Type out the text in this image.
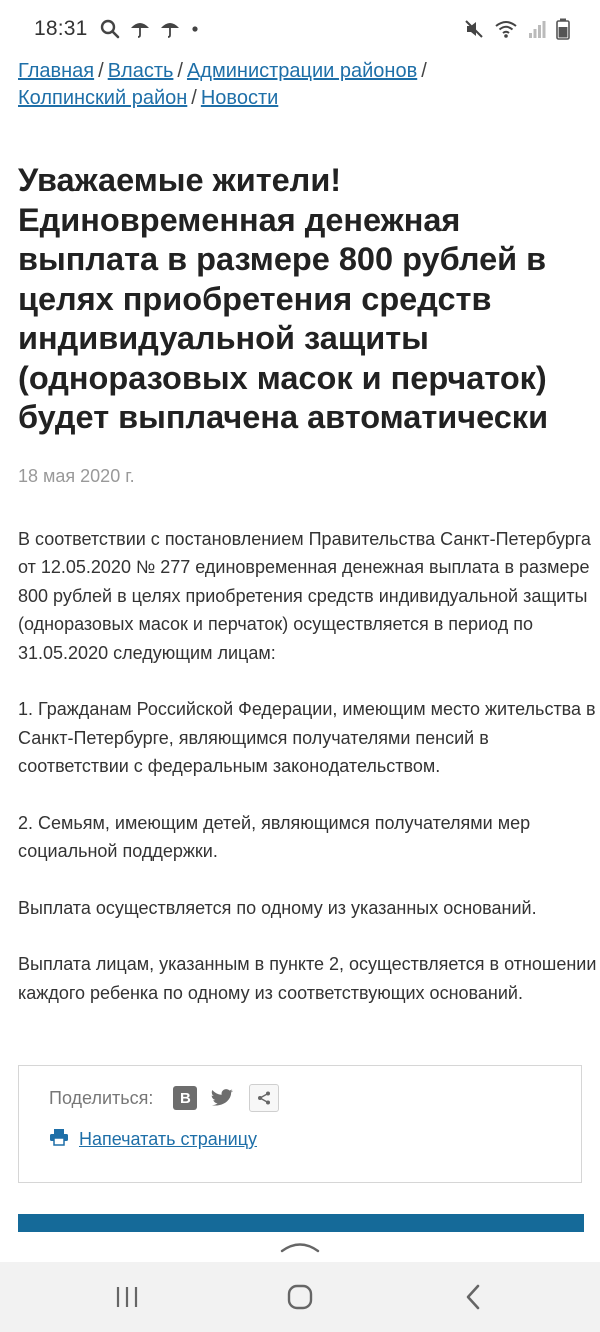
18:31
Главная / Власть / Администрации районов /
Колпинский район / Новости
Уважаемые жители! Единовременная денежная выплата в размере 800 рублей в целях приобретения средств индивидуальной защиты (одноразовых масок и перчаток) будет выплачена автоматически
18 мая 2020 г.

В соответствии с постановлением Правительства Санкт-Петербурга от 12.05.2020 № 277 единовременная денежная выплата в размере 800 рублей в целях приобретения средств индивидуальной защиты (одноразовых масок и перчаток) осуществляется в период по 31.05.2020 следующим лицам:

1. Гражданам Российской Федерации, имеющим место жительства в Санкт-Петербурге, являющимся получателями пенсий в соответствии с федеральным законодательством.

2. Семьям, имеющим детей, являющимся получателями мер социальной поддержки.

Выплата осуществляется по одному из указанных оснований.

Выплата лицам, указанным в пункте 2, осуществляется в отношении каждого ребенка по одному из соответствующих оснований.

Поделиться:	B
Напечатать страницу
